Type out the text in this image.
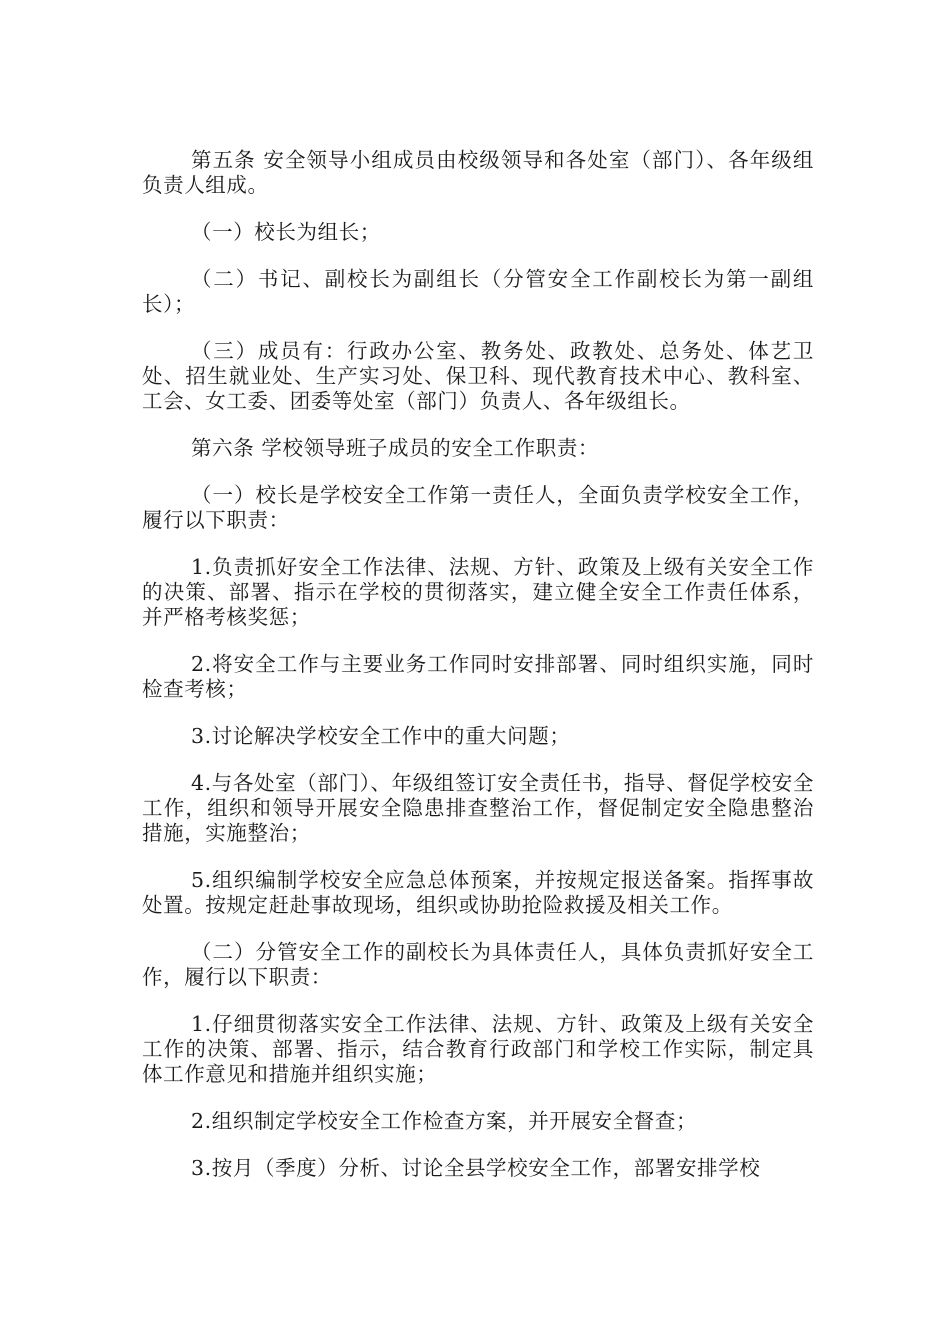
第五条 安全领导小组成员由校级领导和各处室（部门）、各年级组负责人组成。

（一）校长为组长；

（二）书记、副校长为副组长（分管安全工作副校长为第一副组长）；

（三）成员有：行政办公室、教务处、政教处、总务处、体艺卫处、招生就业处、生产实习处、保卫科、现代教育技术中心、教科室、工会、女工委、团委等处室（部门）负责人、各年级组长。

第六条 学校领导班子成员的安全工作职责：

（一）校长是学校安全工作第一责任人，全面负责学校安全工作，履行以下职责：

1.负责抓好安全工作法律、法规、方针、政策及上级有关安全工作的决策、部署、指示在学校的贯彻落实，建立健全安全工作责任体系，并严格考核奖惩；

2.将安全工作与主要业务工作同时安排部署、同时组织实施，同时检查考核；

3.讨论解决学校安全工作中的重大问题；

4.与各处室（部门）、年级组签订安全责任书，指导、督促学校安全工作，组织和领导开展安全隐患排查整治工作，督促制定安全隐患整治措施，实施整治；

5.组织编制学校安全应急总体预案，并按规定报送备案。指挥事故处置。按规定赶赴事故现场，组织或协助抢险救援及相关工作。

（二）分管安全工作的副校长为具体责任人，具体负责抓好安全工作，履行以下职责：

1.仔细贯彻落实安全工作法律、法规、方针、政策及上级有关安全工作的决策、部署、指示，结合教育行政部门和学校工作实际，制定具体工作意见和措施并组织实施；

2.组织制定学校安全工作检查方案，并开展安全督查；

3.按月（季度）分析、讨论全县学校安全工作，部署安排学校
